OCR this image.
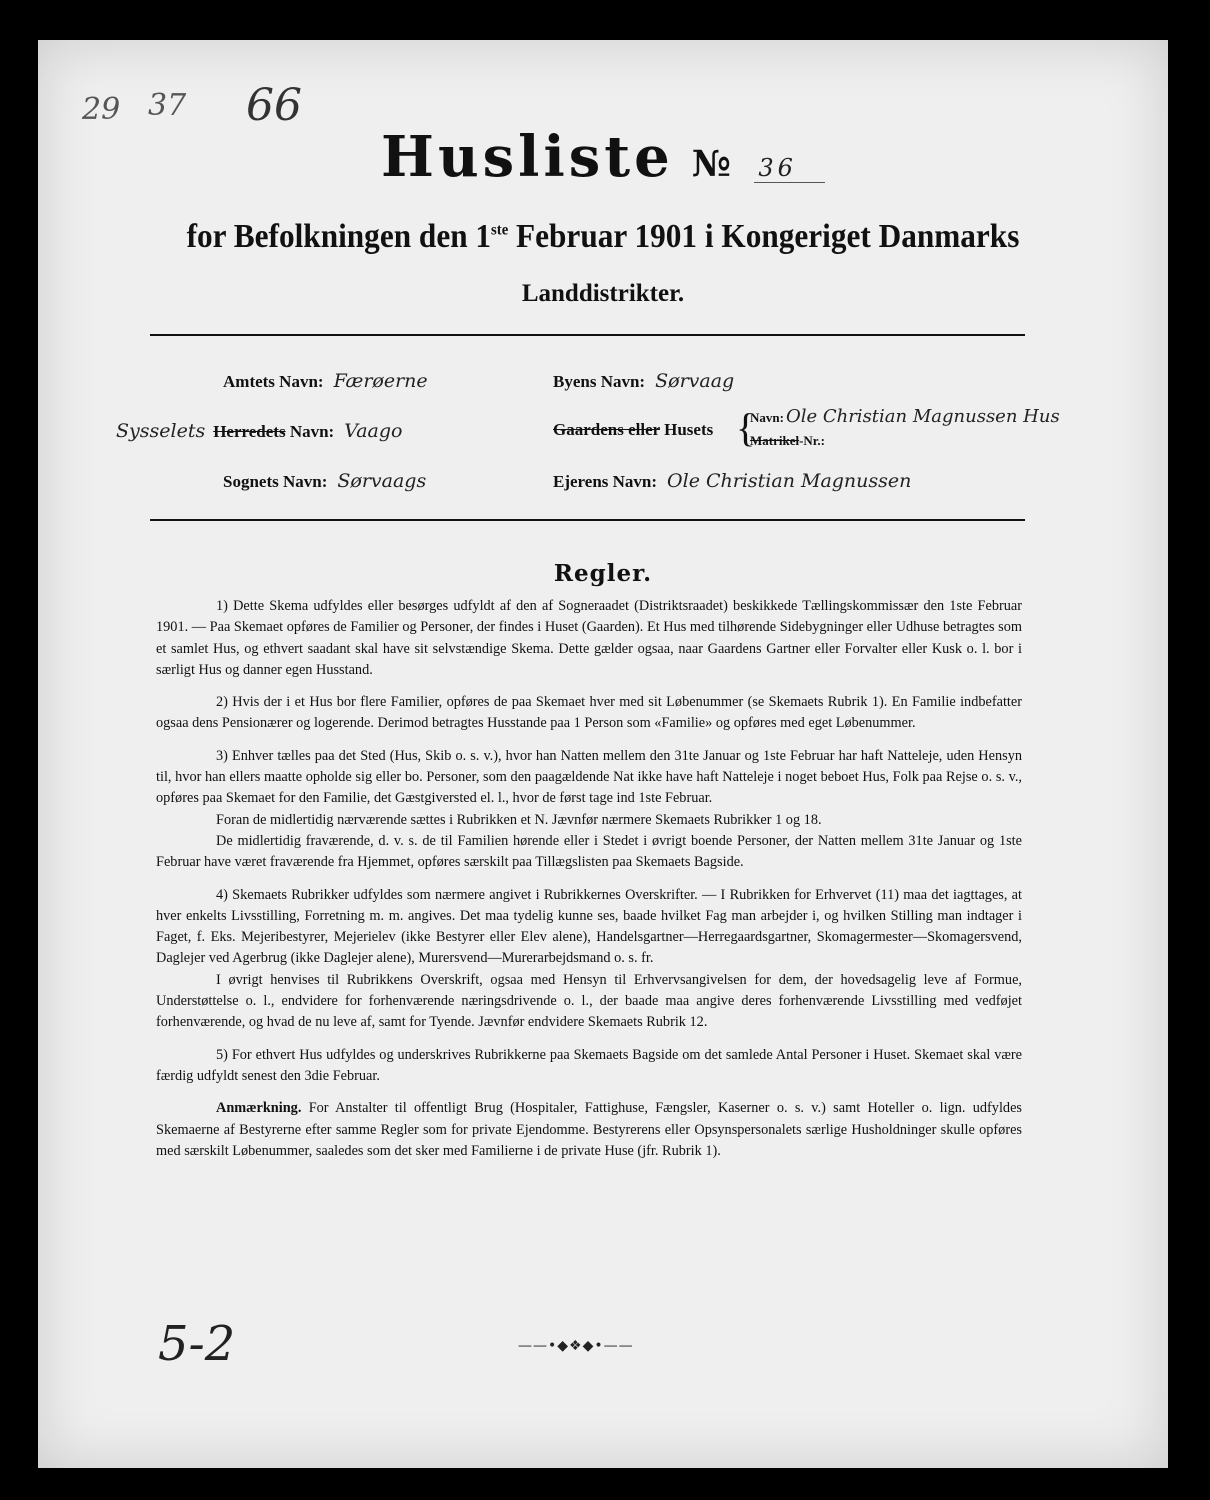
29 37 66
Husliste № 36
for Befolkningen den 1ste Februar 1901 i Kongeriget Danmarks
Landdistrikter.
Amtets Navn: Færøerne	Byens Navn: Sørvaag
Sysselets Herredets Navn: Vaago	Gaardens eller Husets {
Navn: Ole Christian Magnussen Hus
Matrikel-Nr.:
Sognets Navn: Sørvaags	Ejerens Navn: Ole Christian Magnussen
Regler.

1) Dette Skema udfyldes eller besørges udfyldt af den af Sogneraadet (Distriktsraadet) beskikkede Tællingskommissær den 1ste Februar 1901. — Paa Skemaet opføres de Familier og Personer, der findes i Huset (Gaarden). Et Hus med tilhørende Sidebygninger eller Udhuse betragtes som et samlet Hus, og ethvert saadant skal have sit selvstændige Skema. Dette gælder ogsaa, naar Gaardens Gartner eller Forvalter eller Kusk o. l. bor i særligt Hus og danner egen Husstand.

2) Hvis der i et Hus bor flere Familier, opføres de paa Skemaet hver med sit Løbenummer (se Skemaets Rubrik 1). En Familie indbefatter ogsaa dens Pensionærer og logerende. Derimod betragtes Husstande paa 1 Person som «Familie» og opføres med eget Løbenummer.

3) Enhver tælles paa det Sted (Hus, Skib o. s. v.), hvor han Natten mellem den 31te Januar og 1ste Februar har haft Natteleje, uden Hensyn til, hvor han ellers maatte opholde sig eller bo. Personer, som den paagældende Nat ikke have haft Natteleje i noget beboet Hus, Folk paa Rejse o. s. v., opføres paa Skemaet for den Familie, det Gæstgiversted el. l., hvor de først tage ind 1ste Februar.

Foran de midlertidig nærværende sættes i Rubrikken et N. Jævnfør nærmere Skemaets Rubrikker 1 og 18.

De midlertidig fraværende, d. v. s. de til Familien hørende eller i Stedet i øvrigt boende Personer, der Natten mellem 31te Januar og 1ste Februar have været fraværende fra Hjemmet, opføres særskilt paa Tillægslisten paa Skemaets Bagside.

4) Skemaets Rubrikker udfyldes som nærmere angivet i Rubrikkernes Overskrifter. — I Rubrikken for Erhvervet (11) maa det iagttages, at hver enkelts Livsstilling, Forretning m. m. angives. Det maa tydelig kunne ses, baade hvilket Fag man arbejder i, og hvilken Stilling man indtager i Faget, f. Eks. Mejeribestyrer, Mejerielev (ikke Bestyrer eller Elev alene), Handelsgartner—Herregaardsgartner, Skomagermester—Skomagersvend, Daglejer ved Agerbrug (ikke Daglejer alene), Murersvend—Murerarbejdsmand o. s. fr.

I øvrigt henvises til Rubrikkens Overskrift, ogsaa med Hensyn til Erhvervsangivelsen for dem, der hovedsagelig leve af Formue, Understøttelse o. l., endvidere for forhenværende næringsdrivende o. l., der baade maa angive deres forhenværende Livsstilling med vedføjet forhenværende, og hvad de nu leve af, samt for Tyende. Jævnfør endvidere Skemaets Rubrik 12.

5) For ethvert Hus udfyldes og underskrives Rubrikkerne paa Skemaets Bagside om det samlede Antal Personer i Huset. Skemaet skal være færdig udfyldt senest den 3die Februar.

Anmærkning. For Anstalter til offentligt Brug (Hospitaler, Fattighuse, Fængsler, Kaserner o. s. v.) samt Hoteller o. lign. udfyldes Skemaerne af Bestyrerne efter samme Regler som for private Ejendomme. Bestyrerens eller Opsynspersonalets særlige Husholdninger skulle opføres med særskilt Løbenummer, saaledes som det sker med Familierne i de private Huse (jfr. Rubrik 1).

5-2	——•◆❖◆•——
